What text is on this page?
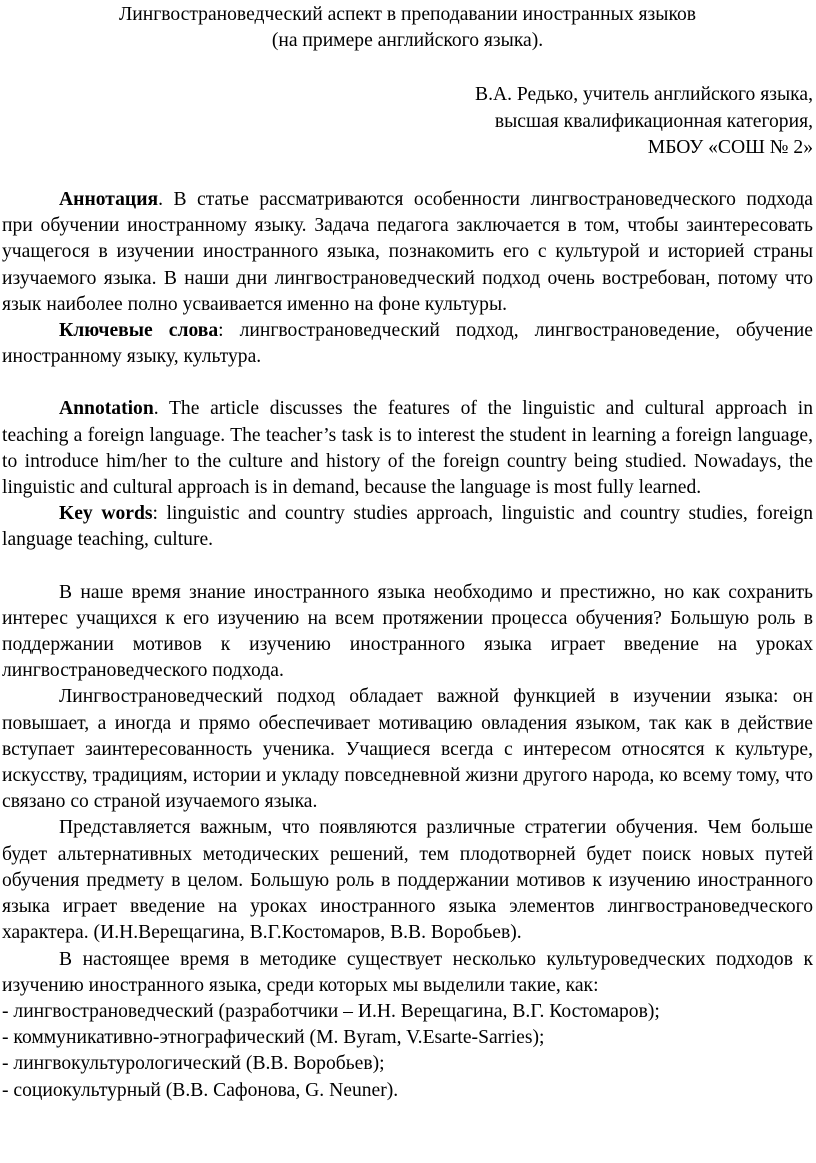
Лингвострановедческий аспект в преподавании иностранных языков
(на примере английского языка).
В.А. Редько, учитель английского языка,
высшая квалификационная категория,
МБОУ «СОШ № 2»

Аннотация. В статье рассматриваются особенности лингвострановедческого подхода при обучении иностранному языку. Задача педагога заключается в том, чтобы заинтересовать учащегося в изучении иностранного языка, познакомить его с культурой и историей страны изучаемого языка. В наши дни лингвострановедческий подход очень востребован, потому что язык наиболее полно усваивается именно на фоне культуры.

Ключевые слова: лингвострановедческий подход, лингвострановедение, обучение иностранному языку, культура.

Annotation. The article discusses the features of the linguistic and cultural approach in teaching a foreign language. The teacher’s task is to interest the student in learning a foreign language, to introduce him/her to the culture and history of the foreign country being studied. Nowadays, the linguistic and cultural approach is in demand, because the language is most fully learned.

Key words: linguistic and country studies approach, linguistic and country studies, foreign language teaching, culture.

В наше время знание иностранного языка необходимо и престижно, но как сохранить интерес учащихся к его изучению на всем протяжении процесса обучения? Большую роль в поддержании мотивов к изучению иностранного языка играет введение на уроках лингвострановедческого подхода.

Лингвострановедческий подход обладает важной функцией в изучении языка: он повышает, а иногда и прямо обеспечивает мотивацию овладения языком, так как в действие вступает заинтересованность ученика. Учащиеся всегда с интересом относятся к культуре, искусству, традициям, истории и укладу повседневной жизни другого народа, ко всему тому, что связано со страной изучаемого языка.

Представляется важным, что появляются различные стратегии обучения. Чем больше будет альтернативных методических решений, тем плодотворней будет поиск новых путей обучения предмету в целом. Большую роль в поддержании мотивов к изучению иностранного языка играет введение на уроках иностранного языка элементов лингвострановедческого характера. (И.Н.Верещагина, В.Г.Костомаров, В.В. Воробьев).

В настоящее время в методике существует несколько культуроведческих подходов к изучению иностранного языка, среди которых мы выделили такие, как:

- лингвострановедческий (разработчики – И.Н. Верещагина, В.Г. Костомаров);

- коммуникативно-этнографический (M. Byram, V.Esarte-Sarries);

- лингвокультурологический (В.В. Воробьев);

- социокультурный (В.В. Сафонова, G. Neuner).
